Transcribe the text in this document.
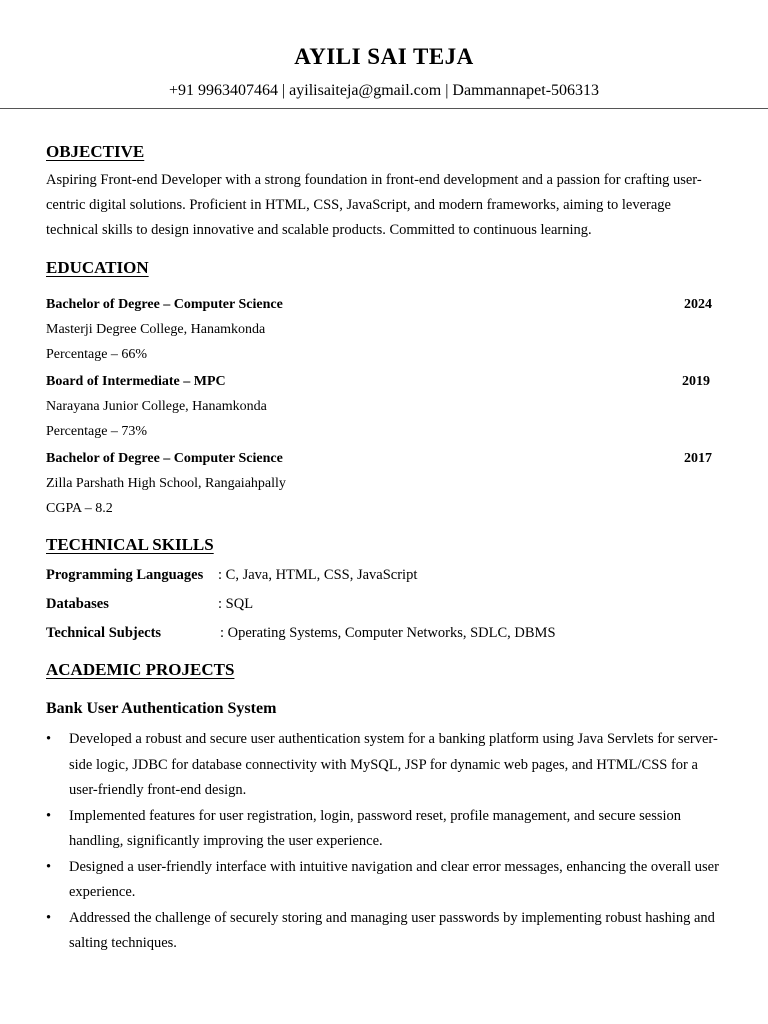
AYILI SAI TEJA
+91 9963407464 | ayilisaiteja@gmail.com | Dammannapet-506313
OBJECTIVE
Aspiring Front-end Developer with a strong foundation in front-end development and a passion for crafting user-centric digital solutions. Proficient in HTML, CSS, JavaScript, and modern frameworks, aiming to leverage technical skills to design innovative and scalable products. Committed to continuous learning.
EDUCATION
Bachelor of Degree – Computer Science	2024
Masterji Degree College, Hanamkonda
Percentage – 66%
Board of Intermediate – MPC	2019
Narayana Junior College, Hanamkonda
Percentage – 73%
Bachelor of Degree – Computer Science	2017
Zilla Parshath High School, Rangaiahpally
CGPA – 8.2
TECHNICAL SKILLS
Programming Languages : C, Java, HTML, CSS, JavaScript
Databases	: SQL
Technical Subjects	: Operating Systems, Computer Networks, SDLC, DBMS
ACADEMIC PROJECTS
Bank User Authentication System
• Developed a robust and secure user authentication system for a banking platform using Java Servlets for server-side logic, JDBC for database connectivity with MySQL, JSP for dynamic web pages, and HTML/CSS for a user-friendly front-end design.
• Implemented features for user registration, login, password reset, profile management, and secure session handling, significantly improving the user experience.
• Designed a user-friendly interface with intuitive navigation and clear error messages, enhancing the overall user experience.
• Addressed the challenge of securely storing and managing user passwords by implementing robust hashing and salting techniques.
